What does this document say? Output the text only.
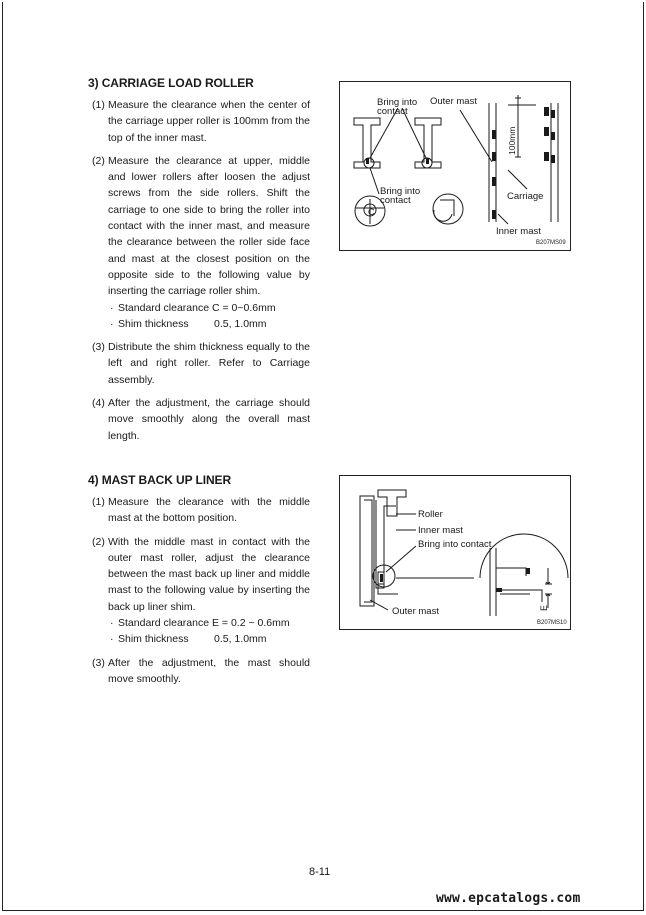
3) CARRIAGE LOAD ROLLER
(1) Measure the clearance when the center of the carriage upper roller is 100mm from the top of the inner mast.
(2) Measure the clearance at upper, middle and lower rollers after loosen the adjust screws from the side rollers. Shift the carriage to one side to bring the roller into contact with the inner mast, and measure the clearance between the roller side face and mast at the closest position on the opposite side to the following value by inserting the carriage roller shim.
· Standard clearance C = 0~0.6mm
· Shim thickness 0.5, 1.0mm
(3) Distribute the shim thickness equally to the left and right roller. Refer to Carriage assembly.
(4) After the adjustment, the carriage should move smoothly along the overall mast length.
Bring into
contact
Outer mast
100mm
Bring into
contact
C
Carriage
Inner mast
B207MS09
4) MAST BACK UP LINER
(1) Measure the clearance with the middle mast at the bottom position.
(2) With the middle mast in contact with the outer mast roller, adjust the clearance between the mast back up liner and middle mast to the following value by inserting the back up liner shim.
· Standard clearance E = 0.2 ~ 0.6mm
· Shim thickness 0.5, 1.0mm
(3) After the adjustment, the mast should move smoothly.
Roller
Inner mast
Bring into contact
Outer mast	E
B207MS10
8-11
www.epcatalogs.com
